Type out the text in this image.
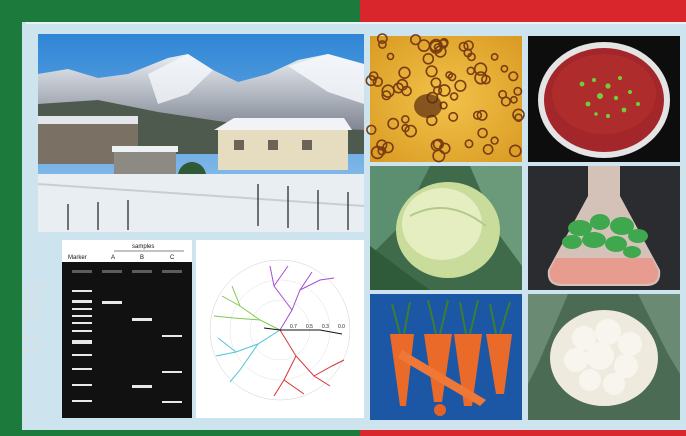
Marker
samples
A	B	C
1,200 bp
1,000 bp
900 bp
800 bp
700 bp
600 bp
500 bp
400 bp
300 bp
200 bp
100 bp
0.7 0.5 0.3 0.0
